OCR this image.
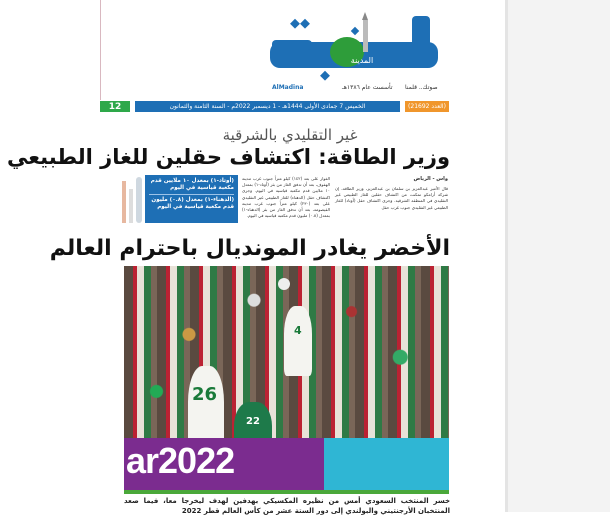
المدينة
صوتك.. قلمنا
تأسست عام ١٣٨٦هـ
AlMadina
(العدد 21692)
الخميس 7 جمادى الأولى 1444هـ - 1 ديسمبر 2022م - السنة الثامنة والثمانون
12
غير التقليدي بالشرقية
وزير الطاقة: اكتشاف حقلين للغاز الطبيعي
واس - الرياض
قال الأمير عبدالعزيز بن سلمان بن عبدالعزيز، وزير الطاقة، إن شركة أرامكو تمكنت من اكتشاف حقلين للغاز الطبيعي غير التقليدي في المنطقة الشرقية. وجرى اكتشاف حقل (أوتاد) للغاز الطبيعي غير التقليدي جنوب غرب حقل
الغوار على بعد (١٤٢) كيلو متراً جنوب غرب مدينة الهفوف، بعد أن تدفق الغاز من بئر (أوتاد-١) بمعدل ١٠ ملايين قدم مكعبة قياسية في اليوم. وجرى اكتشاف حقل (الدهناء) للغاز الطبيعي غير التقليدي على بعد (٢٣٠) كيلو متراً جنوب غرب مدينة القيصومة، بعد أن تدفق الغاز من بئر (الدهناء-١) بمعدل (٠.٨) مليون قدم مكعبة قياسية في اليوم.
(أوتاد-١) بمعدل ١٠ ملايين قدم مكعبة قياسية في اليوم
(الدهناء-١) بمعدل (٠.٨) مليون قدم مكعبة قياسية في اليوم
الأخضر يغادر المونديال باحترام العالم
4
26
22
ar2022
خسر المنتخب السعودي أمس من نظيره المكسيكي بهدفين لهدف ليخرجا معا، فيما صعد المنتخبان الأرجنتيني والبولندي إلى دور الستة عشر من كأس العالم قطر 2022
